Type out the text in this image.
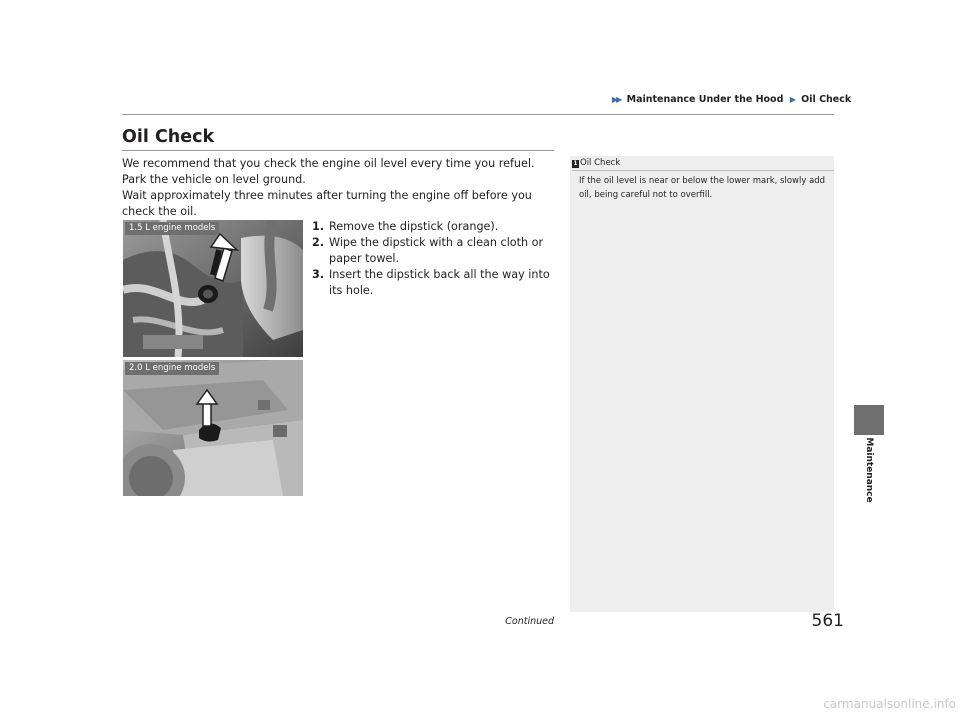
▶▶ Maintenance Under the Hood ▶ Oil Check
Oil Check

We recommend that you check the engine oil level every time you refuel.

Park the vehicle on level ground.

Wait approximately three minutes after turning the engine off before you check the oil.

1. Remove the dipstick (orange).
2. Wipe the dipstick with a clean cloth or paper towel.
3. Insert the dipstick back all the way into its hole.
1.5 L engine models
2.0 L engine models
1 Oil Check
If the oil level is near or below the lower mark, slowly add oil, being careful not to overfill.
Maintenance
Continued	561
carmanualsonline.info
